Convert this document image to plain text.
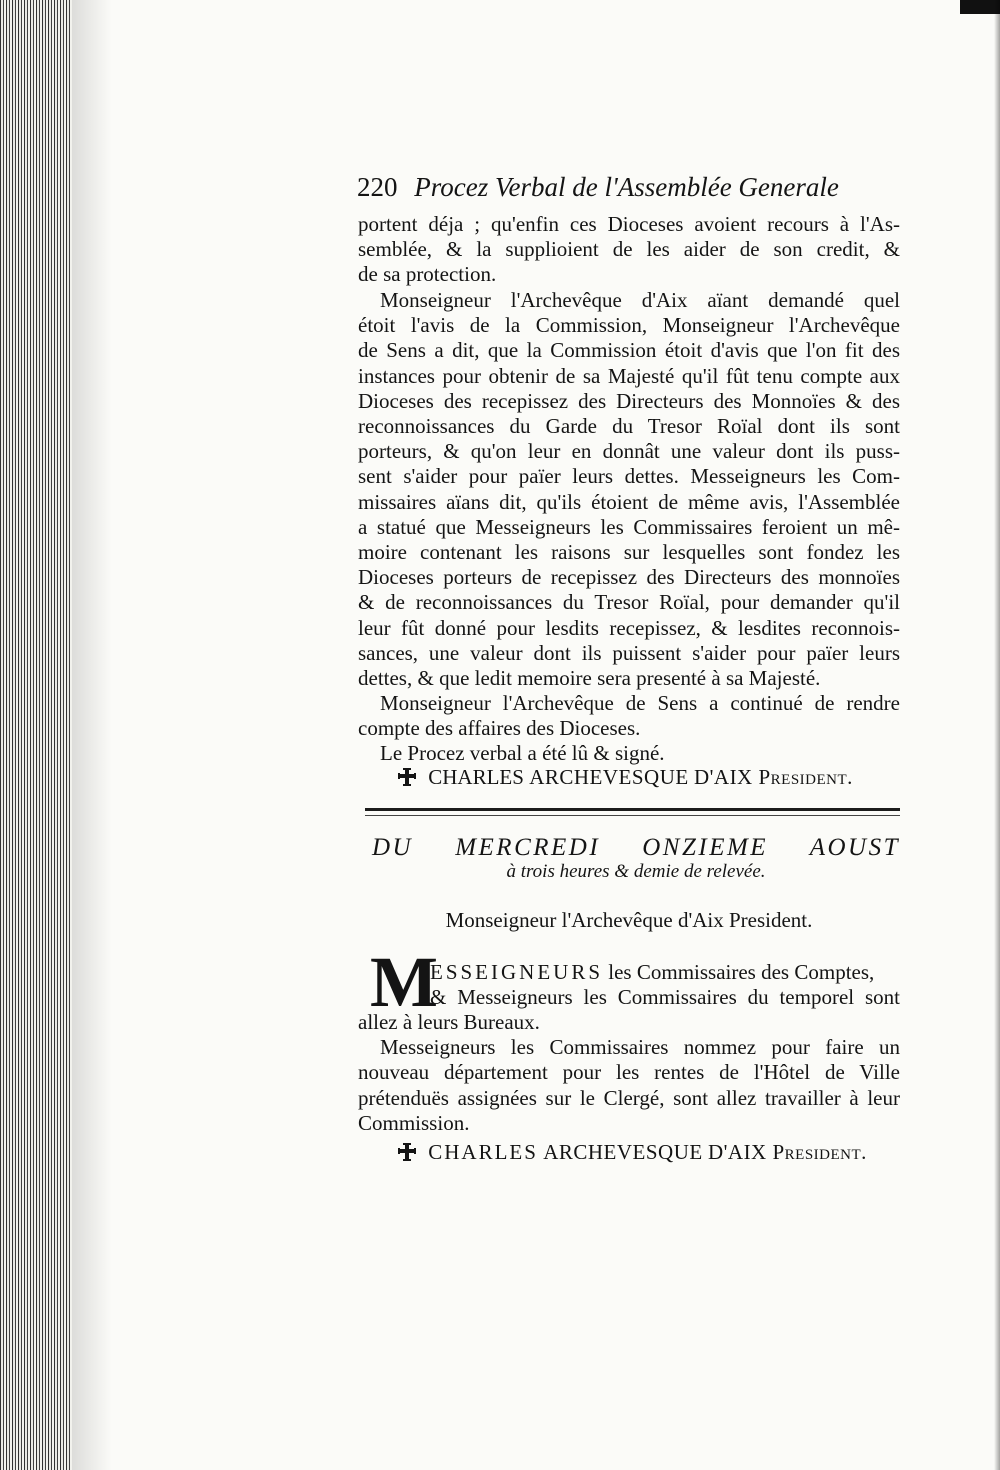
220 Procez Verbal de l'Assemblée Generale
portent déja ; qu'enfin ces Dioceses avoient recours à l'As-
semblée, & la supplioient de les aider de son credit, &
de sa protection.
Monseigneur l'Archevêque d'Aix aïant demandé quel
étoit l'avis de la Commission, Monseigneur l'Archevêque
de Sens a dit, que la Commission étoit d'avis que l'on fit des
instances pour obtenir de sa Majesté qu'il fût tenu compte aux
Dioceses des recepissez des Directeurs des Monnoïes & des
reconnoissances du Garde du Tresor Roïal dont ils sont
porteurs, & qu'on leur en donnât une valeur dont ils puss-
sent s'aider pour païer leurs dettes. Messeigneurs les Com-
missaires aïans dit, qu'ils étoient de même avis, l'Assemblée
a statué que Messeigneurs les Commissaires feroient un mê-
moire contenant les raisons sur lesquelles sont fondez les
Dioceses porteurs de recepissez des Directeurs des monnoïes
& de reconnoissances du Tresor Roïal, pour demander qu'il
leur fût donné pour lesdits recepissez, & lesdites reconnois-
sances, une valeur dont ils puissent s'aider pour païer leurs
dettes, & que ledit memoire sera presenté à sa Majesté.
Monseigneur l'Archevêque de Sens a continué de rendre
compte des affaires des Dioceses.
Le Procez verbal a été lû & signé.
CHARLES ARCHEVESQUE D'AIX President.
DU MERCREDI ONZIEME AOUST
à trois heures & demie de relevée.
Monseigneur l'Archevêque d'Aix President.
M
ESSEIGNEURS les Commissaires des Comptes,
& Messeigneurs les Commissaires du temporel sont
allez à leurs Bureaux.
Messeigneurs les Commissaires nommez pour faire un
nouveau département pour les rentes de l'Hôtel de Ville
prétenduës assignées sur le Clergé, sont allez travailler à leur
Commission.
CHARLES ARCHEVESQUE D'AIX President.
